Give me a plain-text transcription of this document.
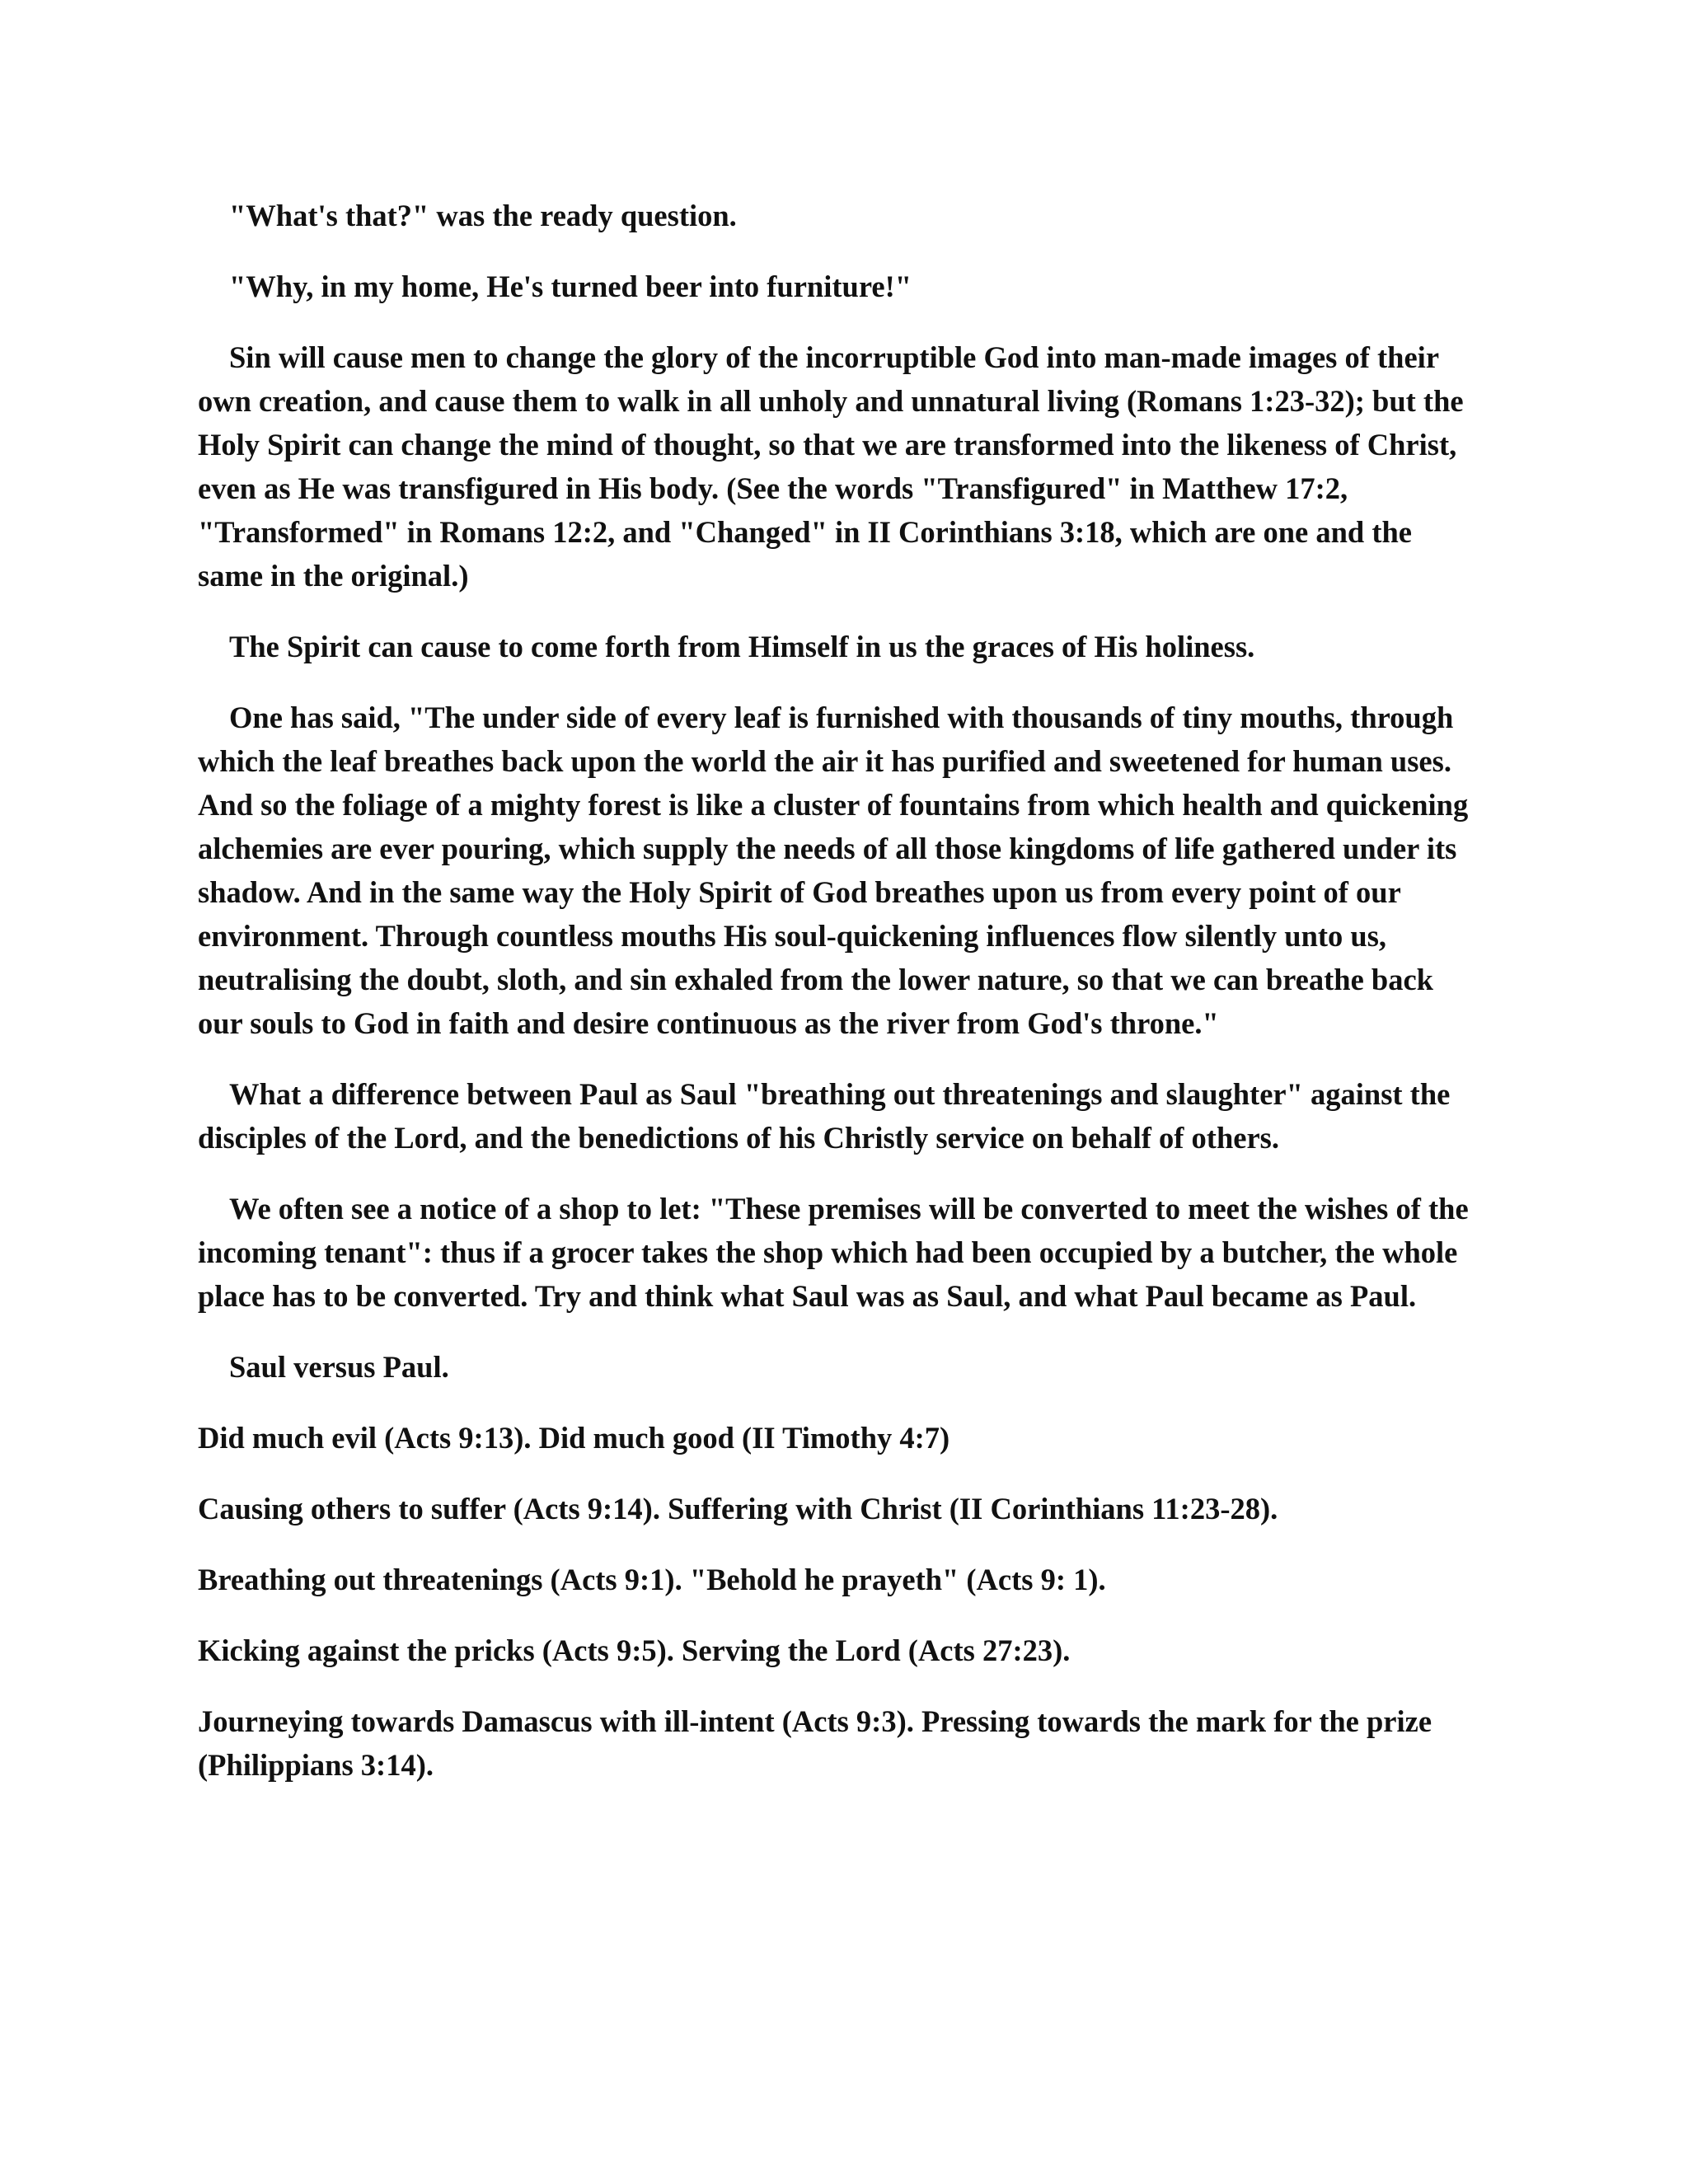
"What's that?" was the ready question.

"Why, in my home, He's turned beer into furniture!"

Sin will cause men to change the glory of the incorruptible God into man-made images of their own creation, and cause them to walk in all unholy and unnatural living (Romans 1:23-32); but the Holy Spirit can change the mind of thought, so that we are transformed into the likeness of Christ, even as He was transfigured in His body. (See the words "Transfigured" in Matthew 17:2, "Transformed" in Romans 12:2, and "Changed" in II Corinthians 3:18, which are one and the same in the original.)

The Spirit can cause to come forth from Himself in us the graces of His holiness.

One has said, "The under side of every leaf is furnished with thousands of tiny mouths, through which the leaf breathes back upon the world the air it has purified and sweetened for human uses. And so the foliage of a mighty forest is like a cluster of fountains from which health and quickening alchemies are ever pouring, which supply the needs of all those kingdoms of life gathered under its shadow. And in the same way the Holy Spirit of God breathes upon us from every point of our environment. Through countless mouths His soul-quickening influences flow silently unto us, neutralising the doubt, sloth, and sin exhaled from the lower nature, so that we can breathe back our souls to God in faith and desire continuous as the river from God's throne."

What a difference between Paul as Saul "breathing out threatenings and slaughter" against the disciples of the Lord, and the benedictions of his Christly service on behalf of others.

We often see a notice of a shop to let: "These premises will be converted to meet the wishes of the incoming tenant": thus if a grocer takes the shop which had been occupied by a butcher, the whole place has to be converted. Try and think what Saul was as Saul, and what Paul became as Paul.

Saul versus Paul.

Did much evil (Acts 9:13). Did much good (II Timothy 4:7)

Causing others to suffer (Acts 9:14). Suffering with Christ (II Corinthians 11:23-28).

Breathing out threatenings (Acts 9:1). "Behold he prayeth" (Acts 9: 1).

Kicking against the pricks (Acts 9:5). Serving the Lord (Acts 27:23).

Journeying towards Damascus with ill-intent (Acts 9:3). Pressing towards the mark for the prize (Philippians 3:14).
